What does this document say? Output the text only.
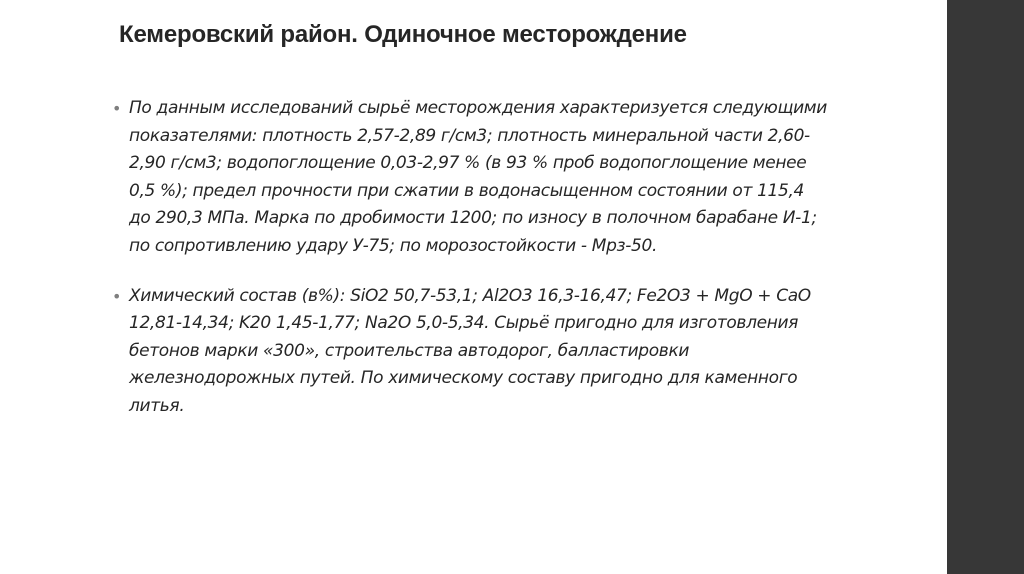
Кемеровский район. Одиночное месторождение
• По данным исследований сырьё месторождения характеризуется следующими показателями: плотность 2,57-2,89 г/см3; плотность минеральной части 2,60-2,90 г/см3; водопоглощение 0,03-2,97 % (в 93 % проб водопоглощение менее 0,5 %); предел прочности при сжатии в водонасыщенном состоянии от 115,4 до 290,3 МПа. Марка по дробимости 1200; по износу в полочном барабане И-1; по сопротивлению удару У-75; по морозостойкости - Мрз-50.
• Химический состав (в%): SiO2 50,7-53,1; Al2O3 16,3-16,47; Fe2O3 + MgO + CaO 12,81-14,34; K20 1,45-1,77; Na2O 5,0-5,34. Сырьё пригодно для изготовления бетонов марки «300», строительства автодорог, балластировки железнодорожных путей. По химическому составу пригодно для каменного литья.
